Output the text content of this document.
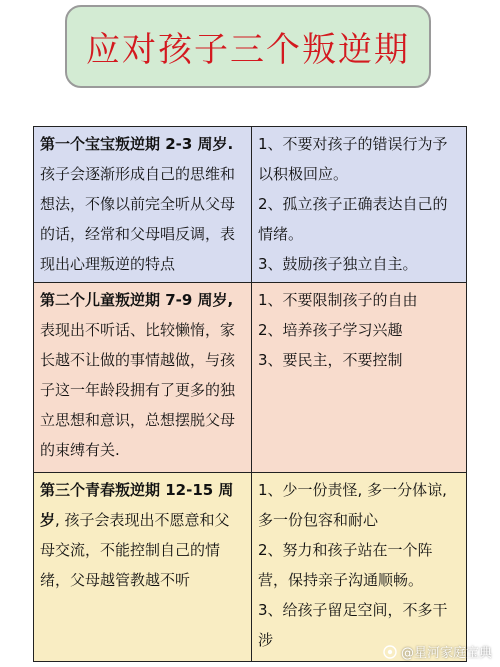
应对孩子三个叛逆期
第一个宝宝叛逆期 2-3 周岁.
孩子会逐渐形成自己的思维和
想法，不像以前完全听从父母
的话，经常和父母唱反调，表
现出心理叛逆的特点
1、不要对孩子的错误行为予
以积极回应。
2、孤立孩子正确表达自己的
情绪。
3、鼓励孩子独立自主。
第二个儿童叛逆期 7-9 周岁,
表现出不听话、比较懒惰，家
长越不让做的事情越做，与孩
子这一年龄段拥有了更多的独
立思想和意识，总想摆脱父母
的束缚有关.
1、不要限制孩子的自由
2、培养孩子学习兴趣
3、要民主，不要控制
第三个青春叛逆期 12-15 周
岁, 孩子会表现出不愿意和父
母交流，不能控制自己的情
绪，父母越管教越不听
1、少一份责怪, 多一分体谅,
多一份包容和耐心
2、努力和孩子站在一个阵
营，保持亲子沟通顺畅。
3、给孩子留足空间，不多干
涉
@星河家庭宝典
